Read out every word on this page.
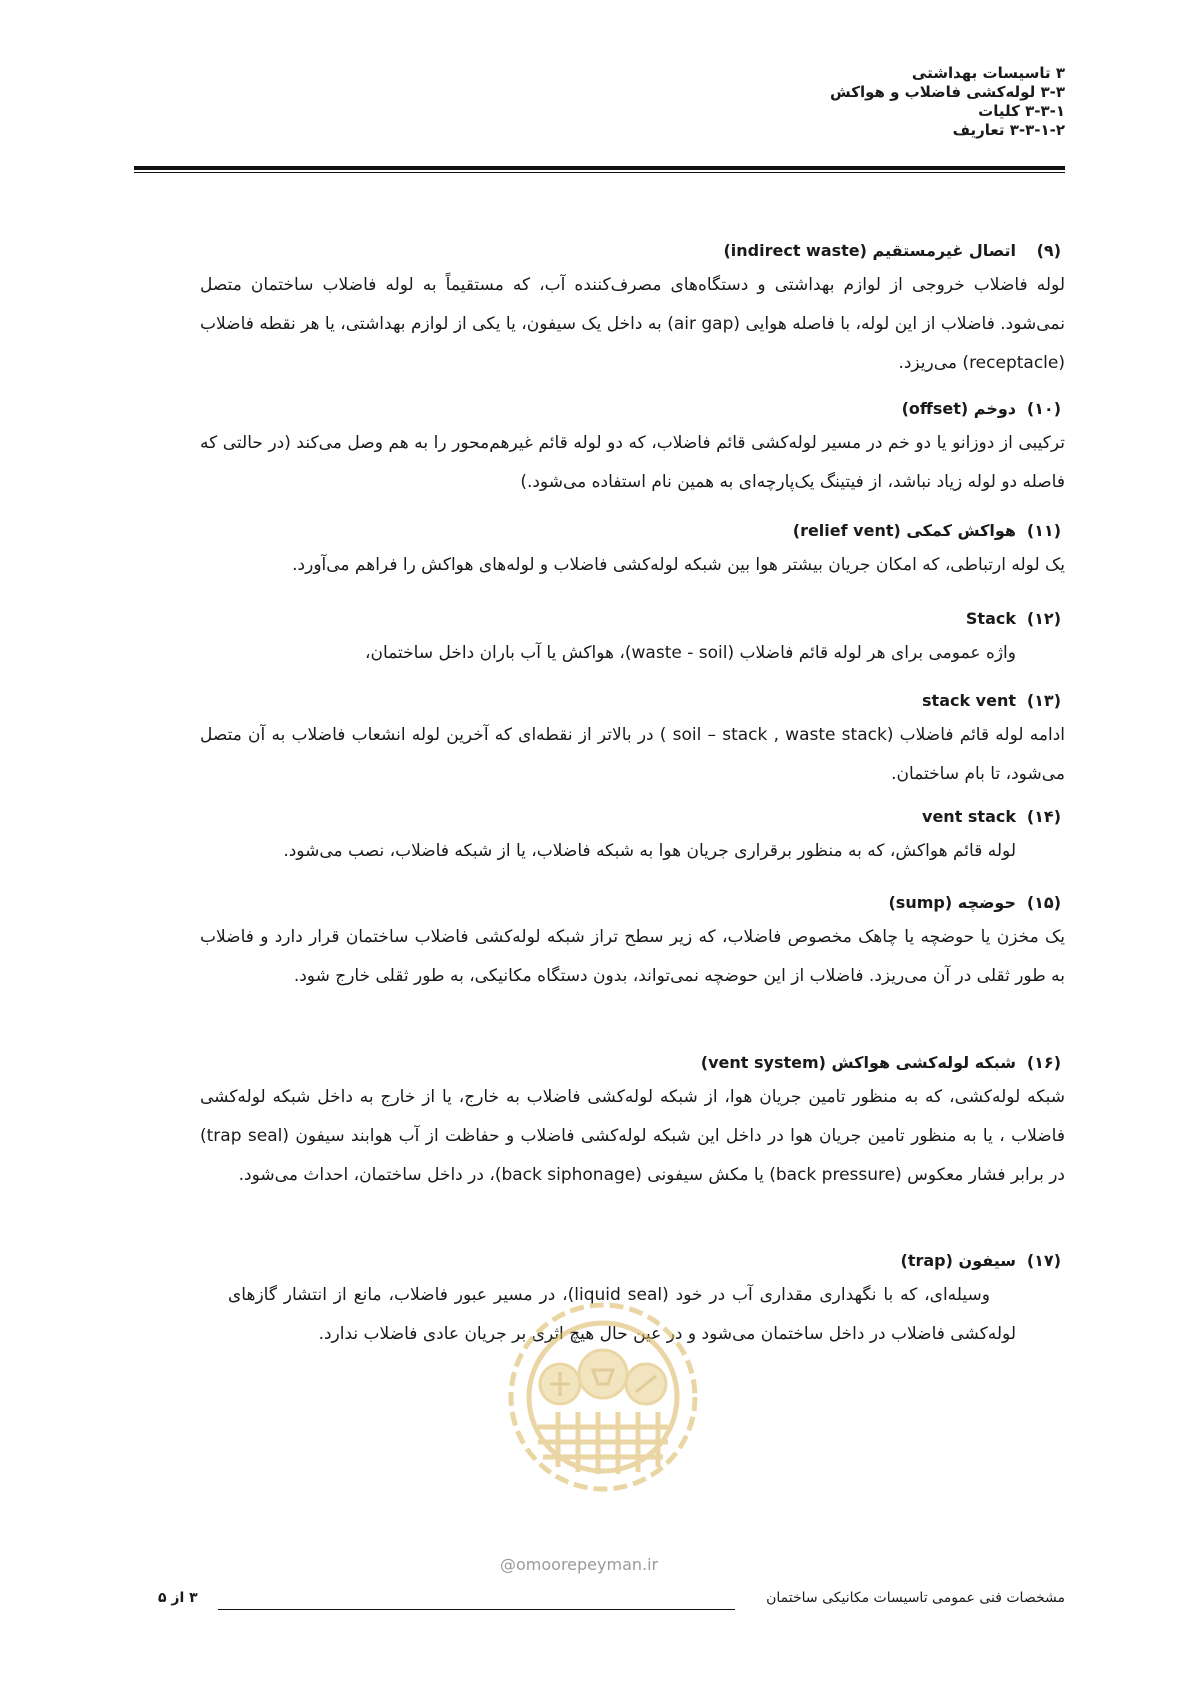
۳ تاسیسات بهداشتی
۳-۳ لوله‌کشی فاضلاب و هواکش
۳-۳-۱ کلیات
۳-۳-۱-۲ تعاریف
(۹)
اتصال غیرمستقیم (indirect waste)
لوله فاضلاب خروجی از لوازم بهداشتی و دستگاه‌های مصرف‌کننده آب، که مستقیماً به لوله فاضلاب ساختمان متصل نمی‌شود. فاضلاب از این لوله، با فاصله هوایی (air gap) به داخل یک سیفون، یا یکی از لوازم بهداشتی، یا هر نقطه فاضلاب (receptacle) می‌ریزد.
(۱۰)
دوخم (offset)
ترکیبی از دوزانو یا دو خم در مسیر لوله‌کشی قائم فاضلاب، که دو لوله قائم غیرهم‌محور را به هم وصل می‌کند (در حالتی که فاصله دو لوله زیاد نباشد، از فیتینگ یک‌پارچه‌ای به همین نام استفاده می‌شود.)
(۱۱)
هواکش کمکی (relief vent)
یک لوله ارتباطی، که امکان جریان بیشتر هوا بین شبکه لوله‌کشی فاضلاب و لوله‌های هواکش را فراهم می‌آورد.
(۱۲)
Stack
واژه عمومی برای هر لوله قائم فاضلاب (waste - soil)، هواکش یا آب باران داخل ساختمان،
(۱۳)
stack vent
ادامه لوله قائم فاضلاب (soil – stack , waste stack ) در بالاتر از نقطه‌ای که آخرین لوله انشعاب فاضلاب به آن متصل می‌شود، تا بام ساختمان.
(۱۴)
vent stack
لوله قائم هواکش، که به منظور برقراری جریان هوا به شبکه فاضلاب، یا از شبکه فاضلاب، نصب می‌شود.
(۱۵)
حوضچه (sump)
یک مخزن یا حوضچه یا چاهک مخصوص فاضلاب، که زیر سطح تراز شبکه لوله‌کشی فاضلاب ساختمان قرار دارد و فاضلاب به طور ثقلی در آن می‌ریزد. فاضلاب از این حوضچه نمی‌تواند، بدون دستگاه مکانیکی، به طور ثقلی خارج شود.
(۱۶)
شبکه لوله‌کشی هواکش (vent system)
شبکه لوله‌کشی، که به منظور تامین جریان هوا، از شبکه لوله‌کشی فاضلاب به خارج، یا از خارج به داخل شبکه لوله‌کشی فاضلاب ، یا به منظور تامین جریان هوا در داخل این شبکه لوله‌کشی فاضلاب و حفاظت از آب هوابند سیفون (trap seal) در برابر فشار معکوس (back pressure) یا مکش سیفونی (back siphonage)، در داخل ساختمان، احداث می‌شود.
(۱۷)
سیفون (trap)
وسیله‌ای، که با نگهداری مقداری آب در خود (liquid seal)، در مسیر عبور فاضلاب، مانع از انتشار گازهای لوله‌کشی فاضلاب در داخل ساختمان می‌شود و در عین حال هیچ اثری بر جریان عادی فاضلاب ندارد.
@omoorepeyman.ir
مشخصات فنی عمومی تاسیسات مکانیکی ساختمان
۳ از ۵
